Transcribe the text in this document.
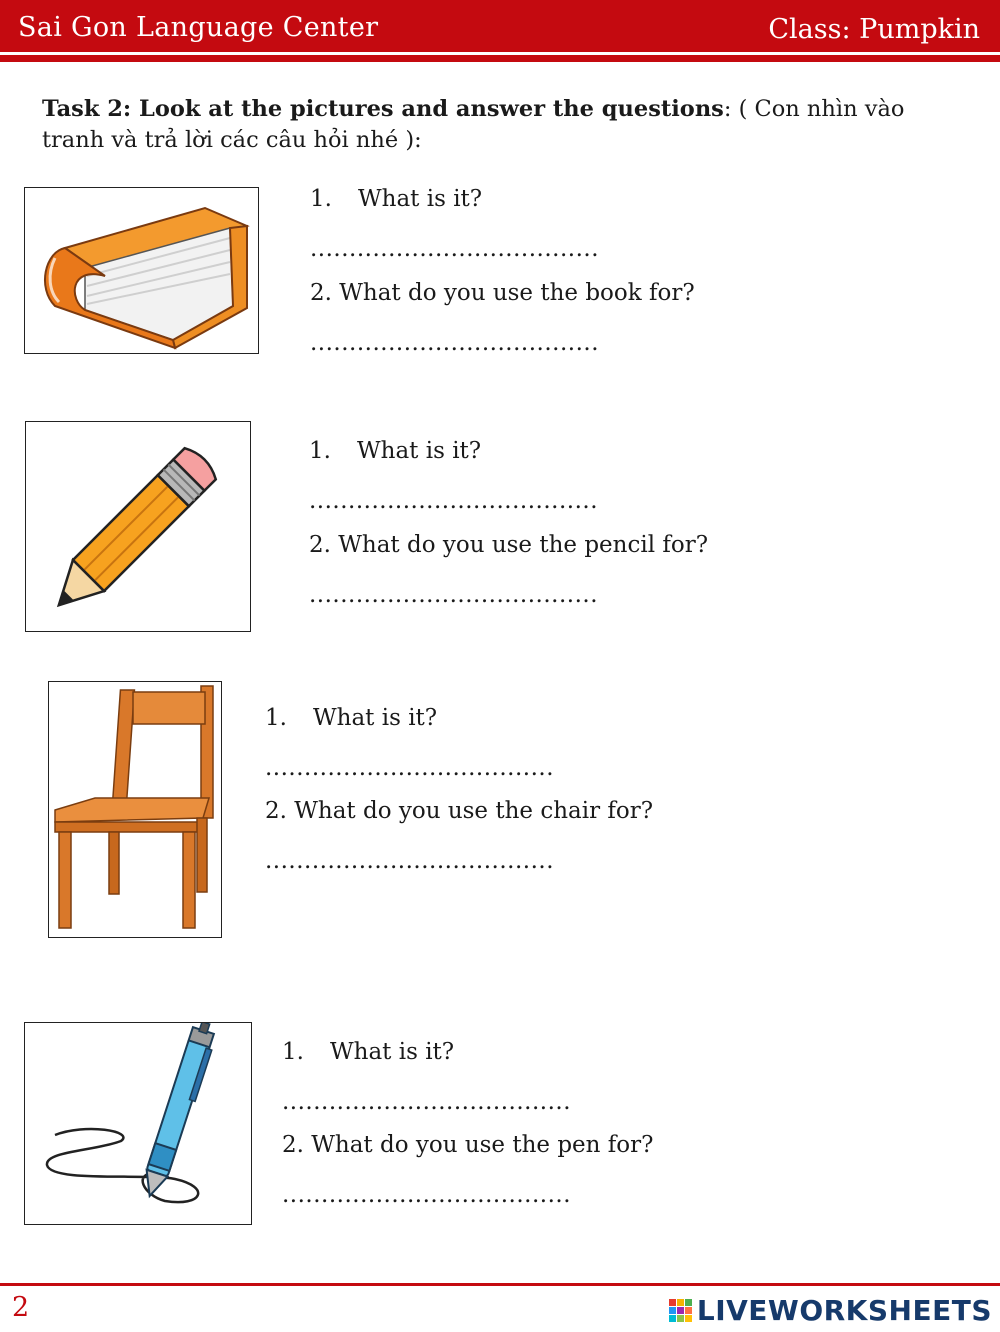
Sai Gon Language Center	Class: Pumpkin
Task 2: Look at the pictures and answer the questions: ( Con nhìn vào tranh và trả lời các câu hỏi nhé ):
1. What is it?
.....................................
2. What do you use the book for?
.....................................
1. What is it?
.....................................
2. What do you use the pencil for?
.....................................
1. What is it?
.....................................
2. What do you use the chair for?
.....................................
1. What is it?
.....................................
2. What do you use the pen for?
.....................................
2	LIVEWORKSHEETS
